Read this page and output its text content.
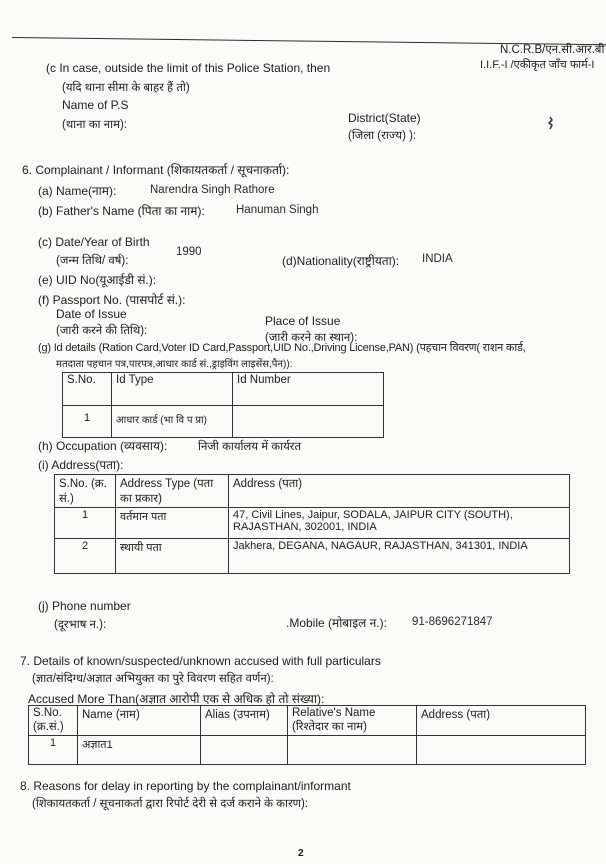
N.C.R.B/एन.सी.आर.बी
I.I.F.-I /एकीकृत जाँच फार्म-I
(c In case, outside the limit of this Police Station, then
(यदि थाना सीमा के बाहर हैं तो)
Name of P.S
(थाना का नाम):	District(State)
(जिला (राज्य) ):
6. Complainant / Informant (शिकायतकर्ता / सूचनाकर्ता):
(a) Name(नाम):	Narendra Singh Rathore
(b) Father's Name (पिता का नाम):	Hanuman Singh
(c) Date/Year of Birth
(जन्म तिथि/ वर्ष):
1990
(d)Nationality(राष्ट्रीयता): INDIA
(e) UID No(यूआईडी सं.):
(f) Passport No. (पासपोर्ट सं.):
Date of Issue
(जारी करने की तिथि):
Place of Issue
(जारी करने का स्थान):
(g) Id details (Ration Card,Voter ID Card,Passport,UID No.,Driving License,PAN) (पहचान विवरण( राशन कार्ड,
मतदाता पहचान पत्र,पारपत्र,आधार कार्ड सं.,ड्राइविंग लाइसेंस,पैन)):
S.No.	Id Type	Id Number
1	आधार कार्ड (भा वि प प्रा)	
(h) Occupation (व्यवसाय):	निजी कार्यालय में कार्यरत
(i) Address(पता):
S.No. (क्र. सं.)	Address Type (पता का प्रकार)	Address (पता)
1	वर्तमान पता	47, Civil Lines, Jaipur, SODALA, JAIPUR CITY (SOUTH), RAJASTHAN, 302001, INDIA
2	स्थायी पता	Jakhera, DEGANA, NAGAUR, RAJASTHAN, 341301, INDIA
(j) Phone number
(दूरभाष न.):	.Mobile (मोबाइल न.): 91-8696271847
7. Details of known/suspected/unknown accused with full particulars
(ज्ञात/संदिग्ध/अज्ञात अभियुक्त का पुरे विवरण सहित वर्णन):
Accused More Than(अज्ञात आरोपी एक से अधिक हो तो संख्या):
S.No. (क्र.सं.)	Name (नाम)	Alias (उपनाम)	Relative's Name (रिश्तेदार का नाम)	Address (पता)
1	अज्ञात1			
8. Reasons for delay in reporting by the complainant/informant
(शिकायतकर्ता / सूचनाकर्ता द्वारा रिपोर्ट देरी से दर्ज कराने के कारण):
2
